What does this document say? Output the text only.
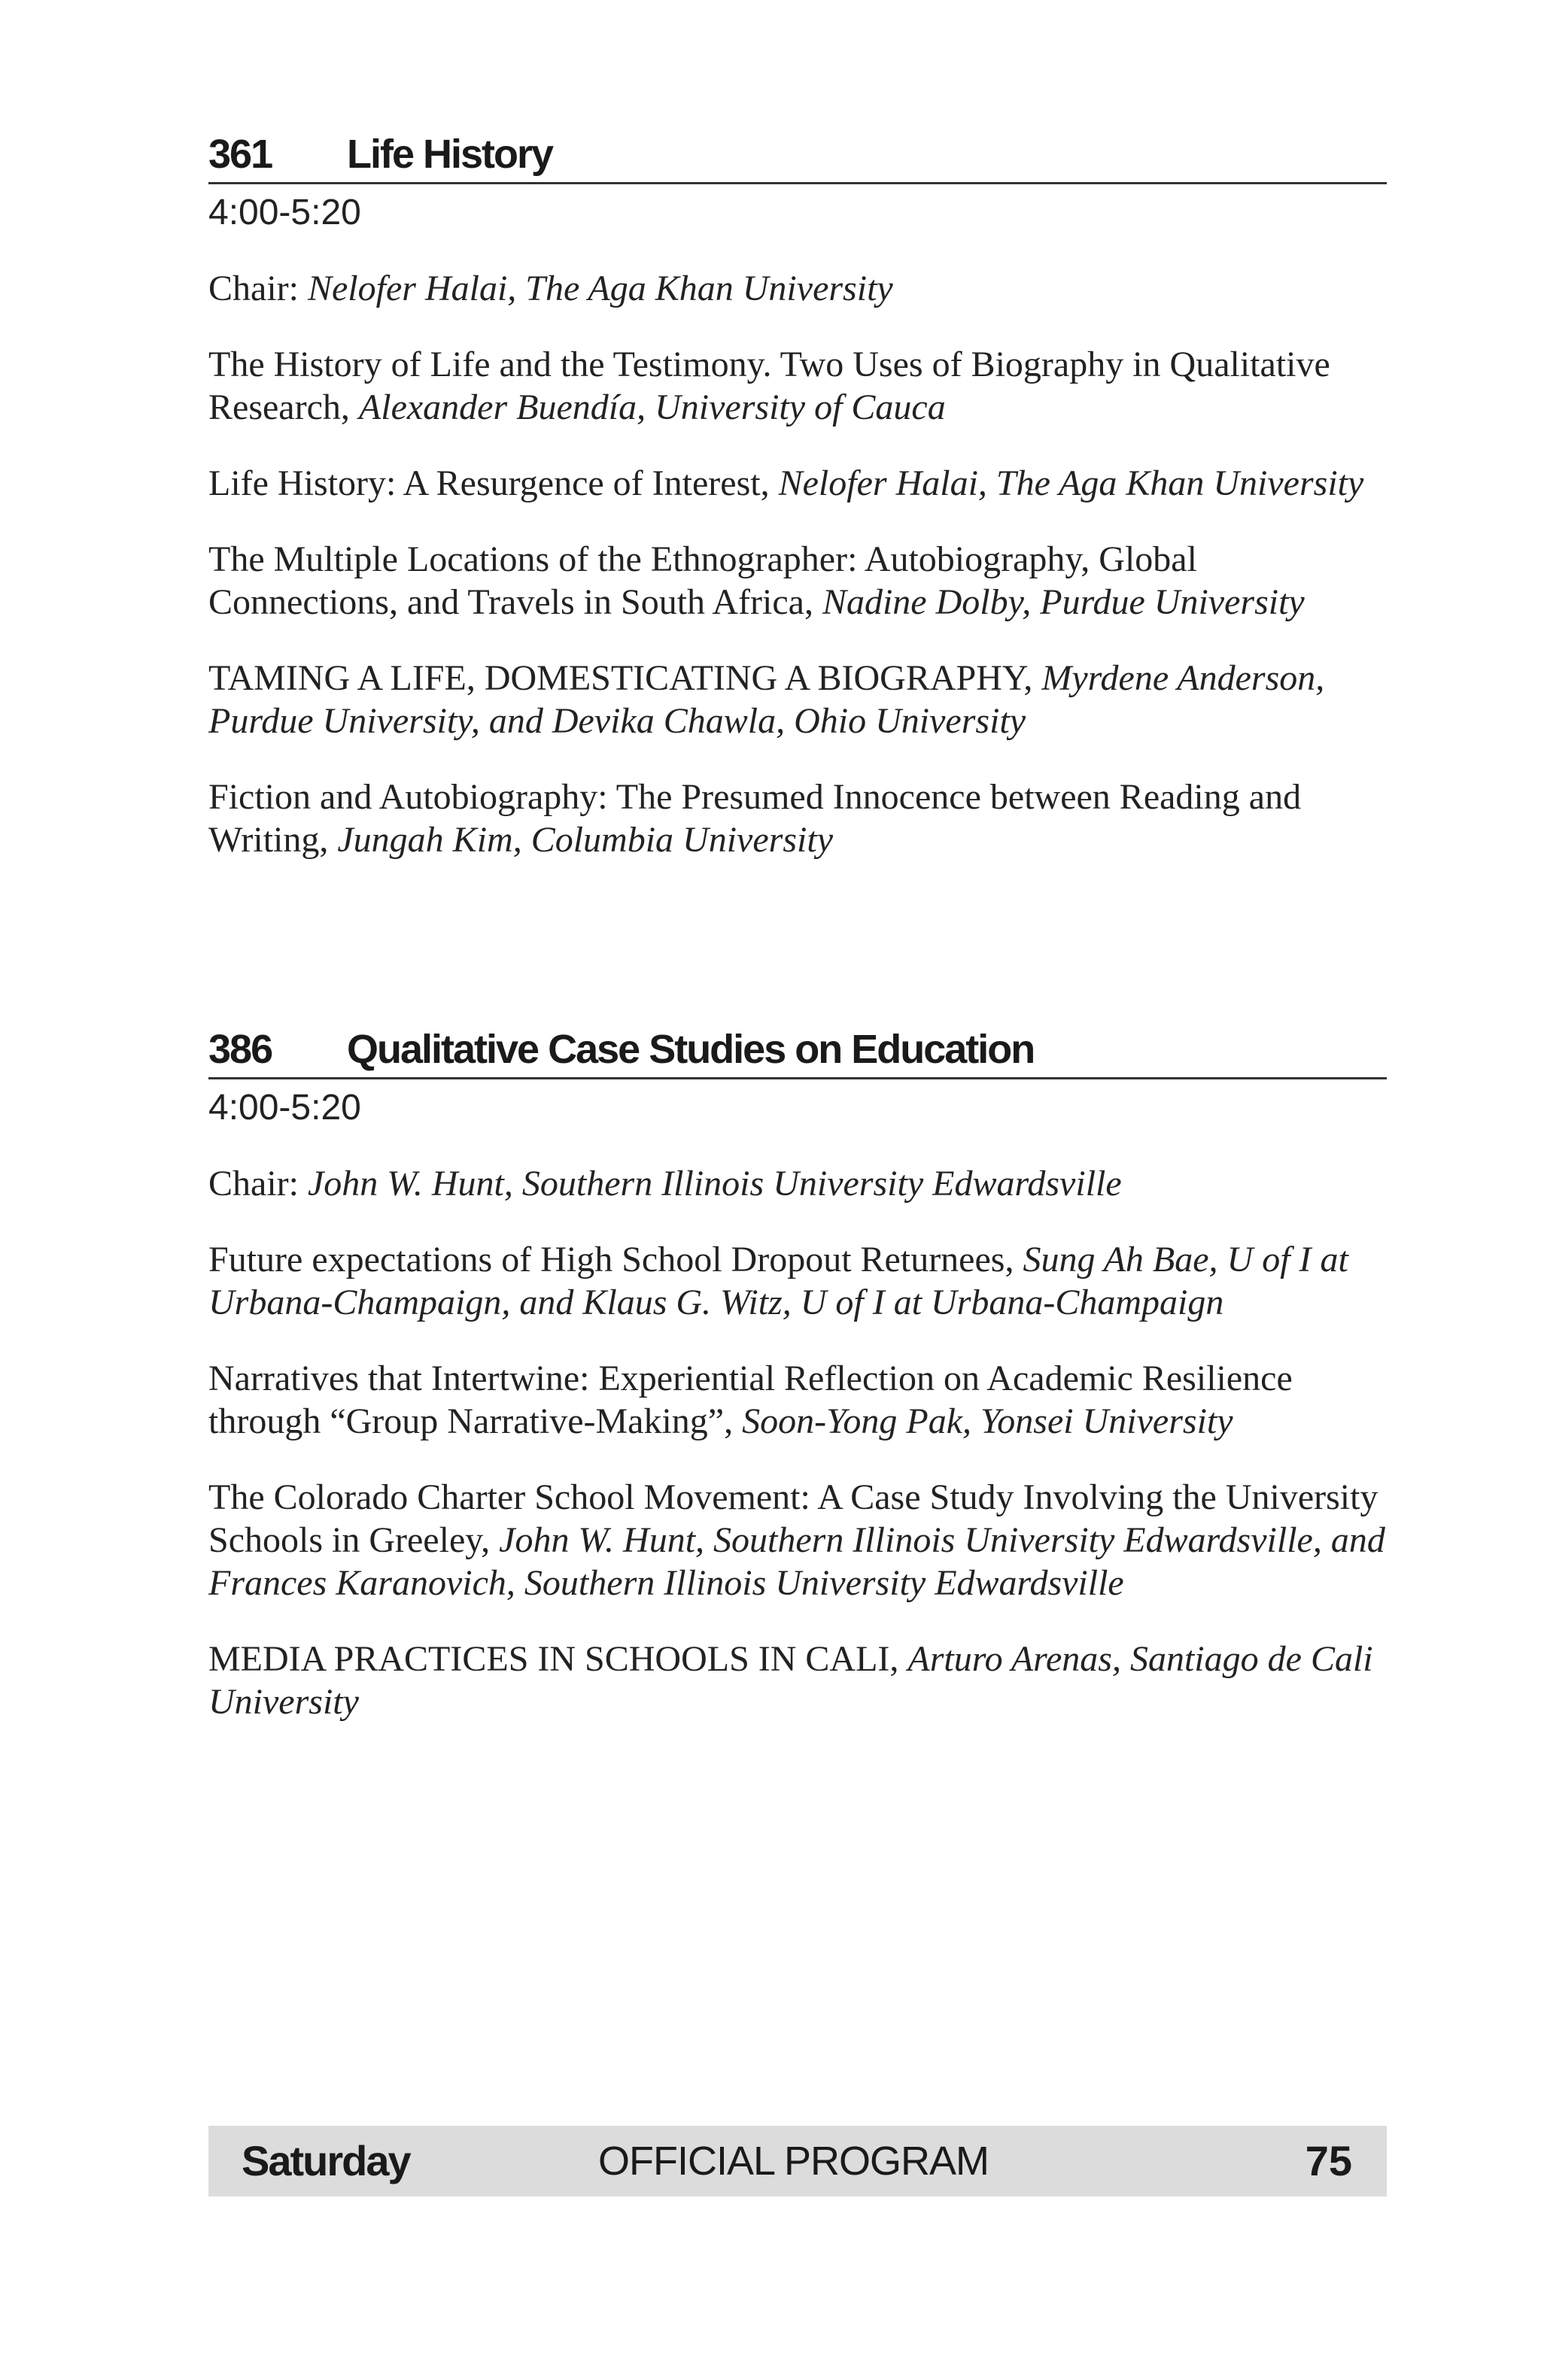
361 Life History
4:00-5:20

Chair: Nelofer Halai, The Aga Khan University

The History of Life and the Testimony. Two Uses of Biography in Qualitative Research, Alexander Buendía, University of Cauca

Life History: A Resurgence of Interest, Nelofer Halai, The Aga Khan University

The Multiple Locations of the Ethnographer: Autobiography, Global Connections, and Travels in South Africa, Nadine Dolby, Purdue University

TAMING A LIFE, DOMESTICATING A BIOGRAPHY, Myrdene Anderson, Purdue University, and Devika Chawla, Ohio University

Fiction and Autobiography: The Presumed Innocence between Reading and Writing, Jungah Kim, Columbia University

386 Qualitative Case Studies on Education
4:00-5:20

Chair: John W. Hunt, Southern Illinois University Edwardsville

Future expectations of High School Dropout Returnees, Sung Ah Bae, U of I at Urbana-Champaign, and Klaus G. Witz, U of I at Urbana-Champaign

Narratives that Intertwine: Experiential Reflection on Academic Resilience through “Group Narrative-Making”, Soon-Yong Pak, Yonsei University

The Colorado Charter School Movement: A Case Study Involving the University Schools in Greeley, John W. Hunt, Southern Illinois University Edwardsville, and Frances Karanovich, Southern Illinois University Edwardsville

MEDIA PRACTICES IN SCHOOLS IN CALI, Arturo Arenas, Santiago de Cali University

Saturday	OFFICIAL PROGRAM	75
